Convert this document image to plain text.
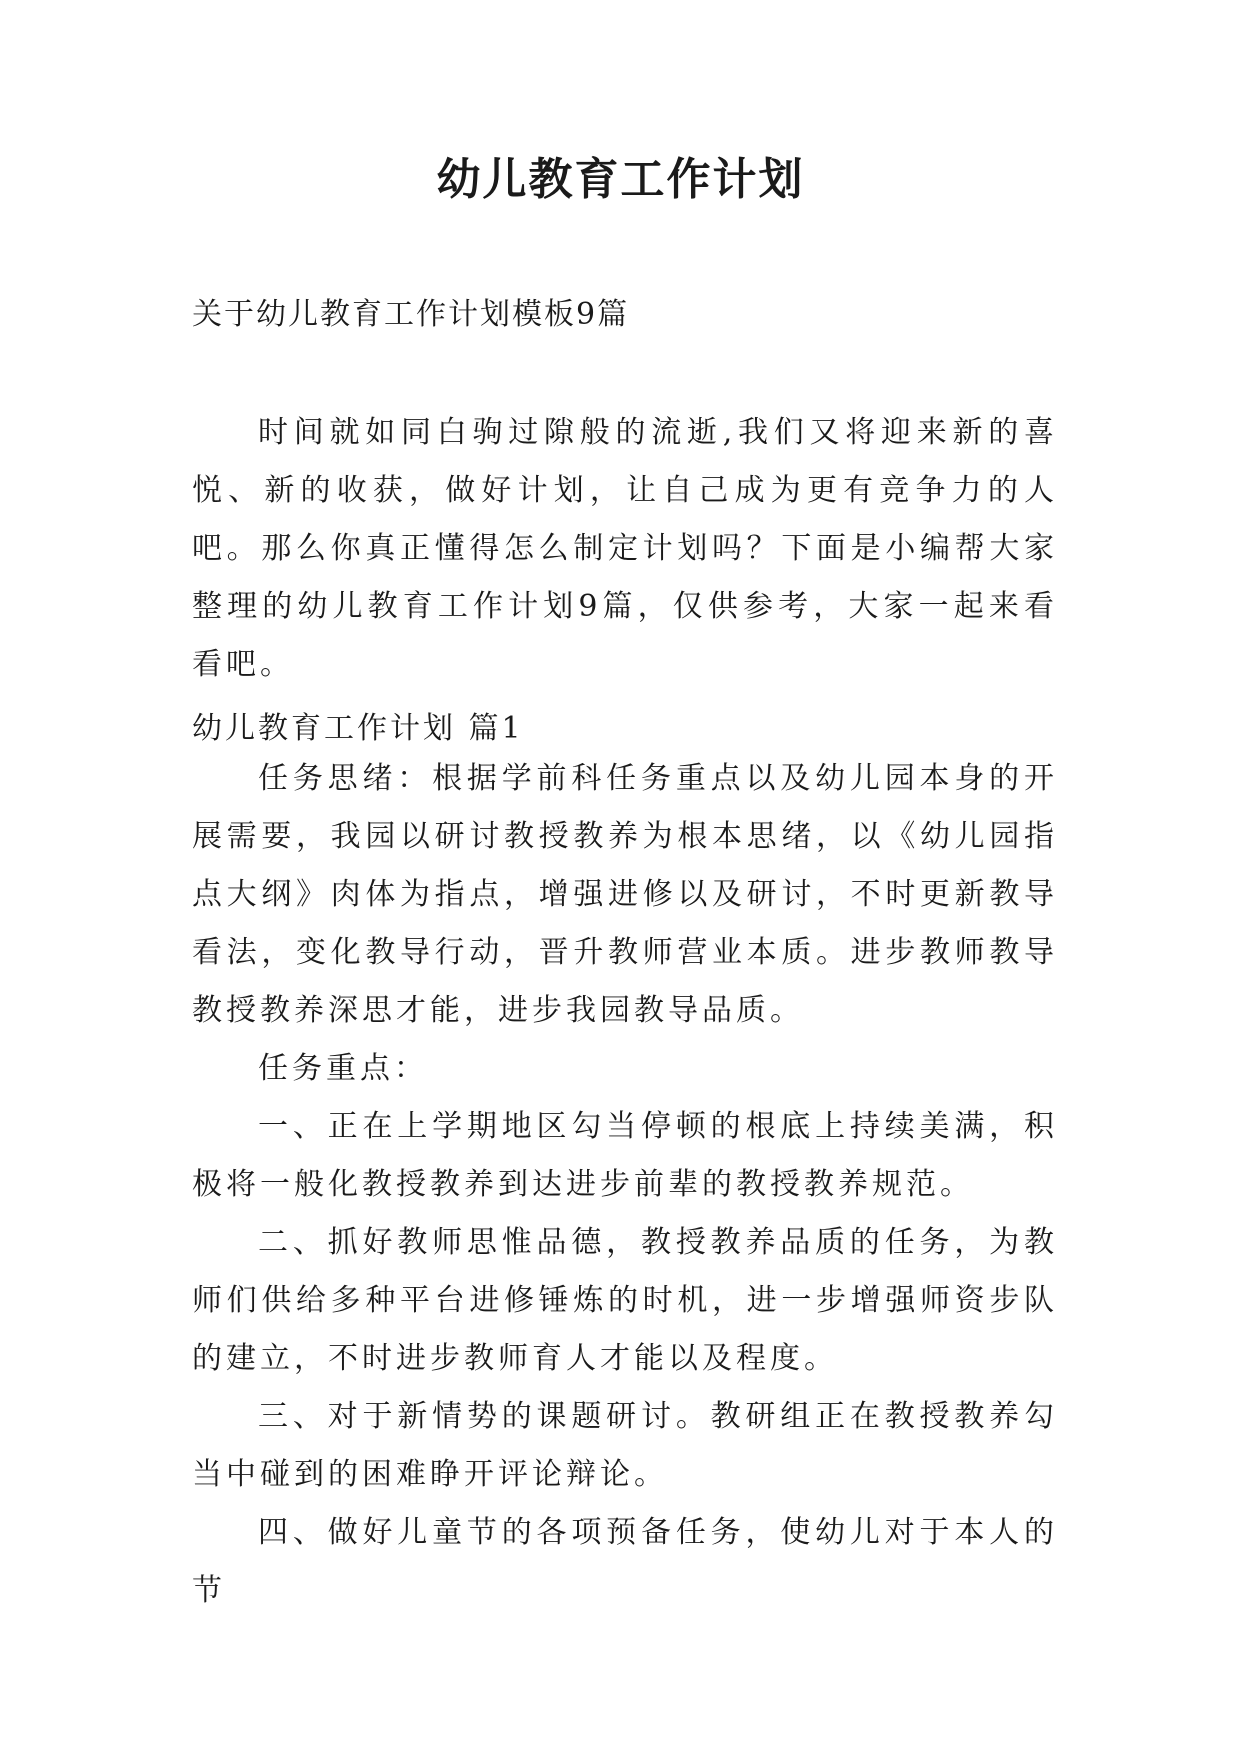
幼儿教育工作计划

关于幼儿教育工作计划模板9篇

时间就如同白驹过隙般的流逝,我们又将迎来新的喜悦、新的收获，做好计划，让自己成为更有竞争力的人吧。那么你真正懂得怎么制定计划吗？下面是小编帮大家整理的幼儿教育工作计划9篇，仅供参考，大家一起来看看吧。

幼儿教育工作计划 篇1

任务思绪：根据学前科任务重点以及幼儿园本身的开展需要，我园以研讨教授教养为根本思绪，以《幼儿园指点大纲》肉体为指点，增强进修以及研讨，不时更新教导看法，变化教导行动，晋升教师营业本质。进步教师教导教授教养深思才能，进步我园教导品质。

任务重点：

一、正在上学期地区勾当停顿的根底上持续美满，积极将一般化教授教养到达进步前辈的教授教养规范。

二、抓好教师思惟品德，教授教养品质的任务，为教师们供给多种平台进修锤炼的时机，进一步增强师资步队的建立，不时进步教师育人才能以及程度。

三、对于新情势的课题研讨。教研组正在教授教养勾当中碰到的困难睁开评论辩论。

四、做好儿童节的各项预备任务，使幼儿对于本人的节
